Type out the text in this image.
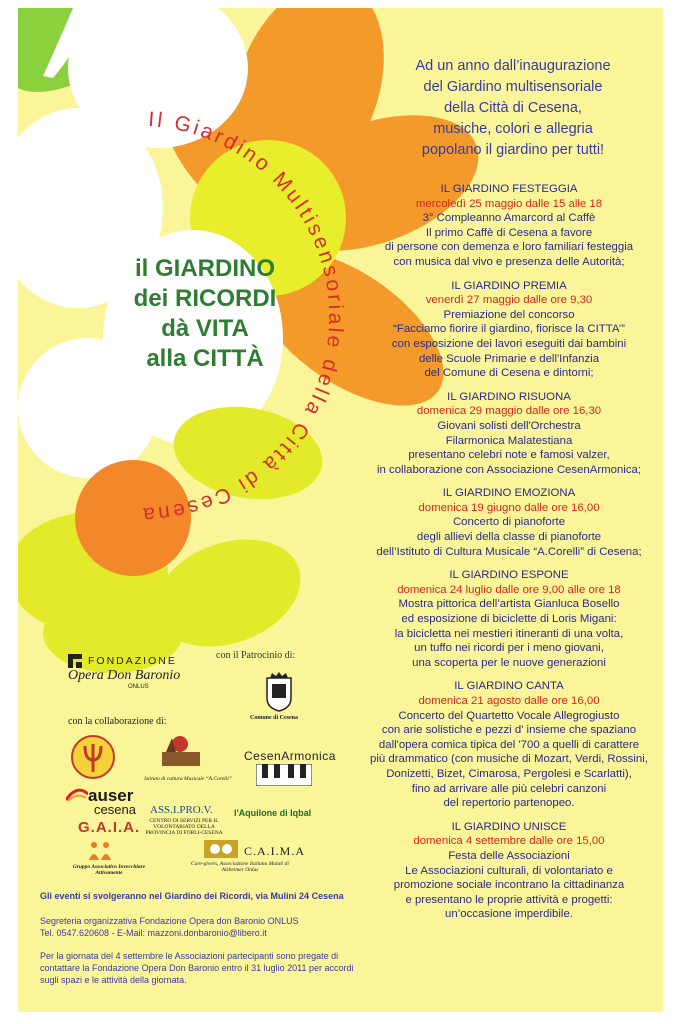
Il Giardino Multisensoriale della Città di Cesena
il GIARDINO
dei RICORDI
dà VITA
alla CITTÀ
Ad un anno dall’inaugurazione
del Giardino multisensoriale
della Città di Cesena,
musiche, colori e allegria
popolano il giardino per tutti!
IL GIARDINO FESTEGGIA
mercoledì 25 maggio dalle 15 alle 18
3° Compleanno Amarcord al Caffè
Il primo Caffè di Cesena a favore
di persone con demenza e loro familiari festeggia
con musica dal vivo e presenza delle Autorità;
IL GIARDINO PREMIA
venerdì 27 maggio dalle ore 9,30
Premiazione del concorso
“Facciamo fiorire il giardino, fiorisce la CITTA’”
con esposizione dei lavori eseguiti dai bambini
delle Scuole Primarie e dell'Infanzia
del Comune di Cesena e dintorni;
IL GIARDINO RISUONA
domenica 29 maggio dalle ore 16,30
Giovani solisti dell'Orchestra
Filarmonica Malatestiana
presentano celebri note e famosi valzer,
in collaborazione con Associazione CesenArmonica;
IL GIARDINO EMOZIONA
domenica 19 giugno dalle ore 16,00
Concerto di pianoforte
degli allievi della classe di pianoforte
dell’Istituto di Cultura Musicale “A.Corelli” di Cesena;
IL GIARDINO ESPONE
domenica 24 luglio dalle ore 9,00 alle ore 18
Mostra pittorica dell’artista Gianluca Bosello
ed esposizione di biciclette di Loris Migani:
la bicicletta nei mestieri itineranti di una volta,
un tuffo nei ricordi per i meno giovani,
una scoperta per le nuove generazioni
IL GIARDINO CANTA
domenica 21 agosto dalle ore 16,00
Concerto del Quartetto Vocale Allegrogiusto
con arie solistiche e pezzi d' insieme che spaziano
dall'opera comica tipica del '700 a quelli di carattere
più drammatico (con musiche di Mozart, Verdi, Rossini,
Donizetti, Bizet, Cimarosa, Pergolesi e Scarlatti),
fino ad arrivare alle più celebri canzoni
del repertorio partenopeo.
IL GIARDINO UNISCE
domenica 4 settembre dalle ore 15,00
Festa delle Associazioni
Le Associazioni culturali, di volontariato e
promozione sociale incontrano la cittadinanza
e presentano le proprie attività e progetti:
un’occasione imperdibile.
FONDAZIONE
Opera Don Baronio
ONLUS
con il Patrocinio di:
Comune di Cesena
con la collaborazione di:
Istituto di cultura Musicale “A.Corelli”
CesenArmonica
auser
cesena ASS.I.PRO.V.
CENTRO DI SERVIZI PER IL VOLONTARIATO DELLA PROVINCIA DI FORLI-CESENA
l'Aquilone di Iqbal
G.A.I.A.
Gruppo Associativo Invecchiare Attivamente
C.A.I.M.A
Care-givers, Associazione Italiana Malati di Alzheimer Onlus
Gli eventi si svolgeranno nel Giardino dei Ricordi, via Mulini 24 Cesena

Segreteria organizzativa Fondazione Opera don Baronio ONLUS
Tel. 0547.620608 - E-Mail: mazzoni.donbaronio@libero.it

Per la giornata del 4 settembre le Associazioni partecipanti sono pregate di contattare la Fondazione Opera Don Baronio entro il 31 luglio 2011 per accordi sugli spazi e le attività della giornata.
